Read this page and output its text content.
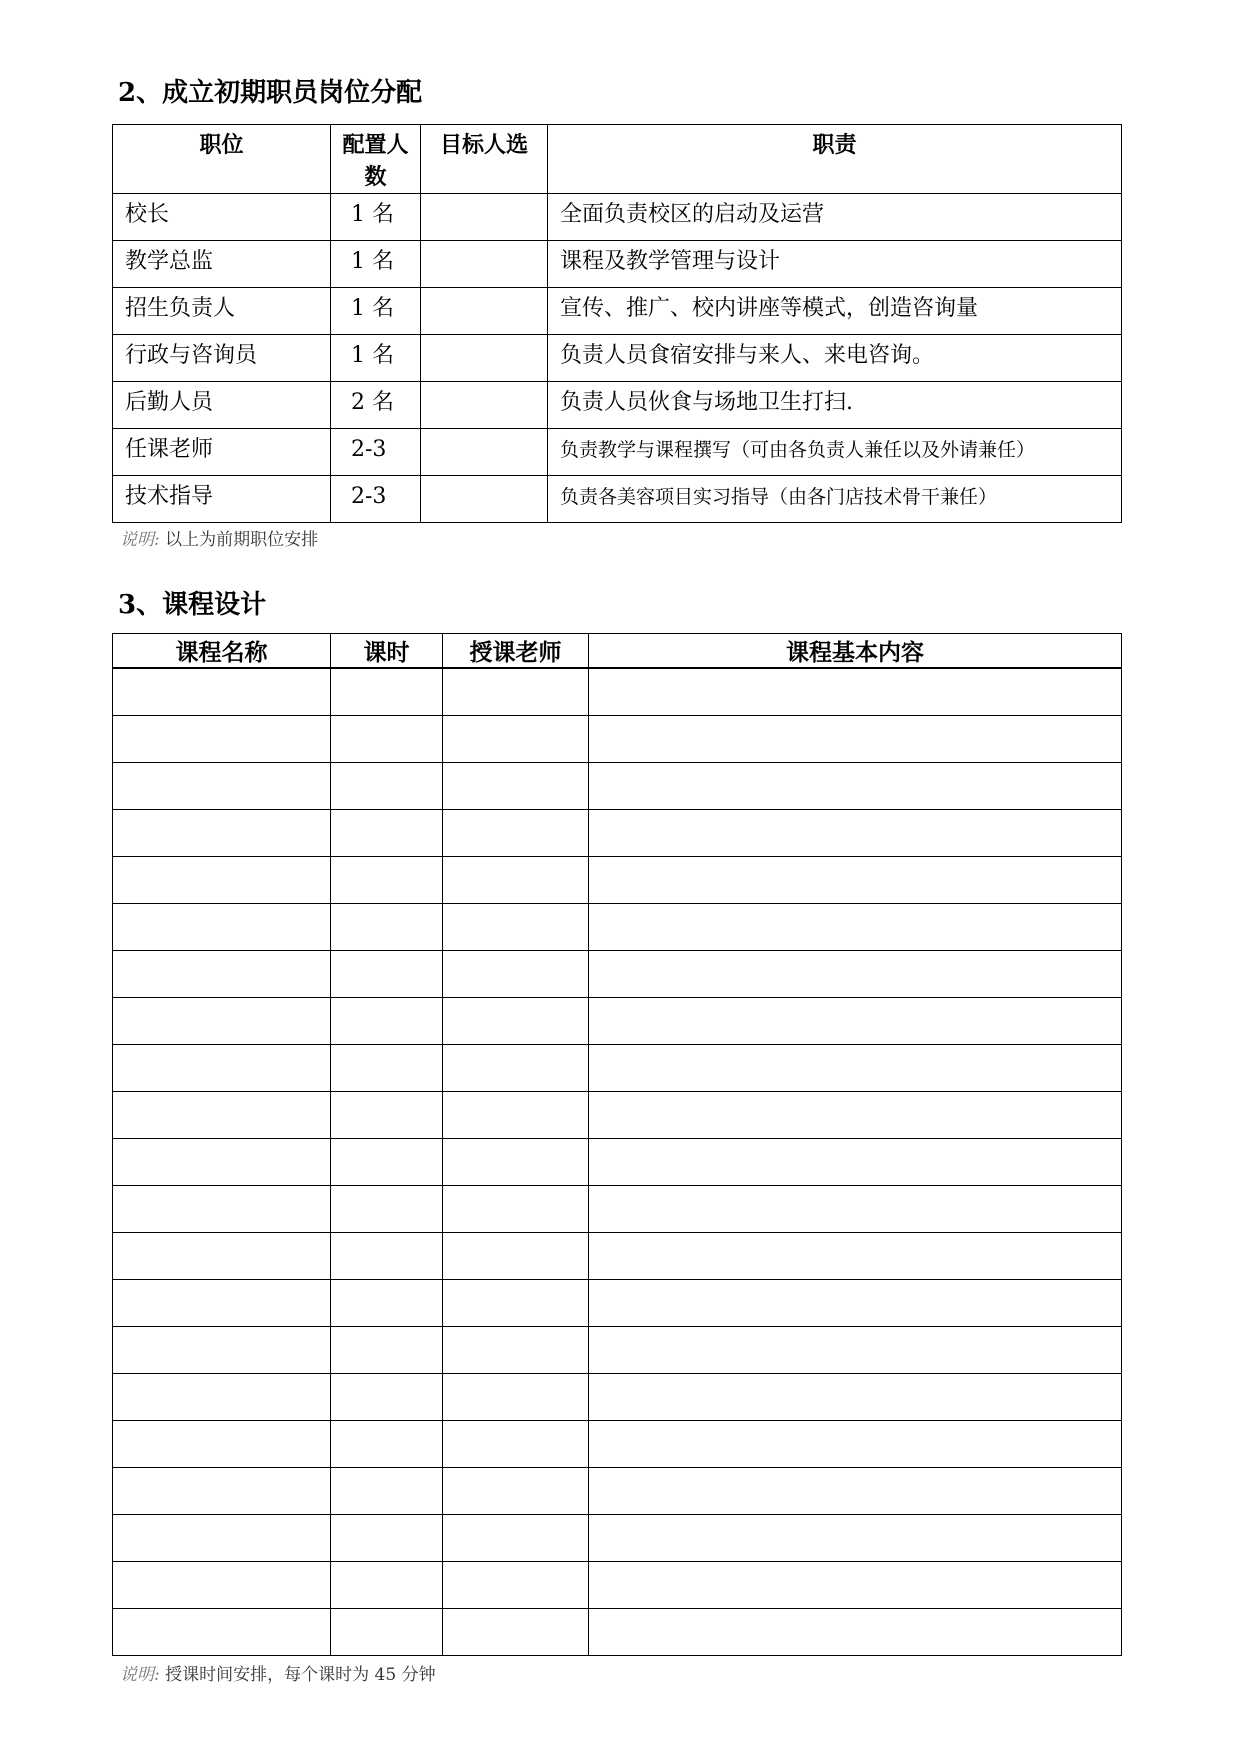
2、成立初期职员岗位分配
职位	配置人数	目标人选	职责
校长	1 名		全面负责校区的启动及运营
教学总监	1 名		课程及教学管理与设计
招生负责人	1 名		宣传、推广、校内讲座等模式，创造咨询量
行政与咨询员	1 名		负责人员食宿安排与来人、来电咨询。
后勤人员	2 名		负责人员伙食与场地卫生打扫.
任课老师	2-3		负责教学与课程撰写（可由各负责人兼任以及外请兼任）
技术指导	2-3		负责各美容项目实习指导（由各门店技术骨干兼任）

说明: 以上为前期职位安排

3、课程设计
课程名称	课时	授课老师	课程基本内容

说明: 授课时间安排，每个课时为 45 分钟
